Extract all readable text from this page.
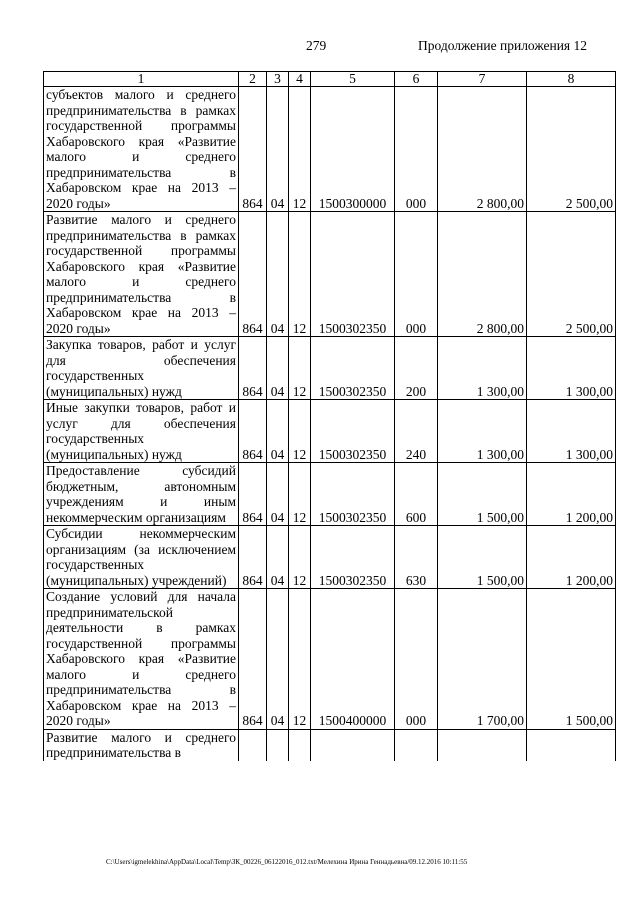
279	Продолжение приложения 12
1	2	3	4	5	6	7	8
субъектов малого и среднего предпринимательства в рамках государственной программы Хабаровского края «Развитие малого и среднего предпринимательства в Хабаровском крае на 2013 – 2020 годы»	864	04	12	1500300000	000	2 800,00	2 500,00
Развитие малого и среднего предпринимательства в рамках государственной программы Хабаровского края «Развитие малого и среднего предпринимательства в Хабаровском крае на 2013 – 2020 годы»	864	04	12	1500302350	000	2 800,00	2 500,00
Закупка товаров, работ и услуг для обеспечения государственных (муниципальных) нужд	864	04	12	1500302350	200	1 300,00	1 300,00
Иные закупки товаров, работ и услуг для обеспечения государственных (муниципальных) нужд	864	04	12	1500302350	240	1 300,00	1 300,00
Предоставление субсидий бюджетным, автономным учреждениям и иным некоммерческим организациям	864	04	12	1500302350	600	1 500,00	1 200,00
Субсидии некоммерческим организациям (за исключением государственных (муниципальных) учреждений)	864	04	12	1500302350	630	1 500,00	1 200,00
Создание условий для начала предпринимательской деятельности в рамках государственной программы Хабаровского края «Развитие малого и среднего предпринимательства в Хабаровском крае на 2013 – 2020 годы»	864	04	12	1500400000	000	1 700,00	1 500,00
Развитие малого и среднего предпринимательства в							
C:\Users\igmelekhina\AppData\Local\Temp\ЗК_00226_06122016_012.txt/Мелехина Ирина Геннадьевна/09.12.2016 10:11:55
